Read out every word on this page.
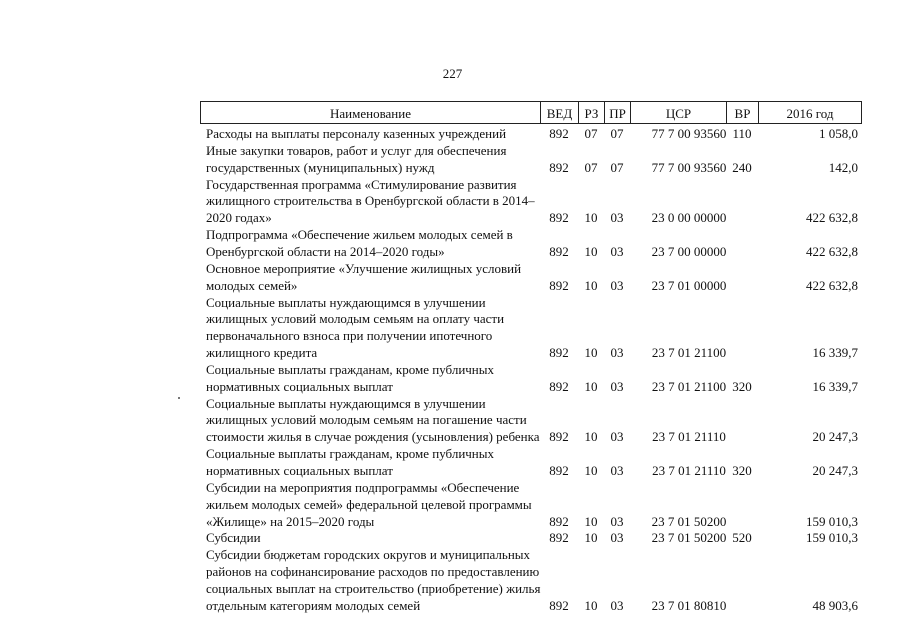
227
Наименование	ВЕД РЗ ПР	ЦСР	ВР	2016 год
Расходы на выплаты персоналу казенных учреждений	892	07	07	77 7 00 93560 110	1 058,0
Иные закупки товаров, работ и услуг для обеспечения
государственных (муниципальных) нужд	892	07	07	77 7 00 93560 240	142,0
Государственная программа «Стимулирование развития
жилищного строительства в Оренбургской области в 2014–
2020 годах»	892	10	03	23 0 00 00000	422 632,8
Подпрограмма «Обеспечение жильем молодых семей в
Оренбургской области на 2014–2020 годы»	892	10	03	23 7 00 00000	422 632,8
Основное мероприятие «Улучшение жилищных условий
молодых семей»	892	10	03	23 7 01 00000	422 632,8
Социальные выплаты нуждающимся в улучшении
жилищных условий молодым семьям на оплату части
первоначального взноса при получении ипотечного
жилищного кредита	892	10	03	23 7 01 21100	16 339,7
Социальные выплаты гражданам, кроме публичных
нормативных социальных выплат	892	10	03	23 7 01 21100 320	16 339,7
Социальные выплаты нуждающимся в улучшении
жилищных условий молодым семьям на погашение части
стоимости жилья в случае рождения (усыновления) ребенка 892	10	03	23 7 01 21110	20 247,3
Социальные выплаты гражданам, кроме публичных
нормативных социальных выплат	892	10	03	23 7 01 21110 320	20 247,3
Субсидии на мероприятия подпрограммы «Обеспечение
жильем молодых семей» федеральной целевой программы
«Жилище» на 2015–2020 годы	892	10	03	23 7 01 50200	159 010,3
Субсидии	892	10	03	23 7 01 50200 520	159 010,3
Субсидии бюджетам городских округов и муниципальных
районов на софинансирование расходов по предоставлению
социальных выплат на строительство (приобретение) жилья
отдельным категориям молодых семей	892	10	03	23 7 01 80810	48 903,6
